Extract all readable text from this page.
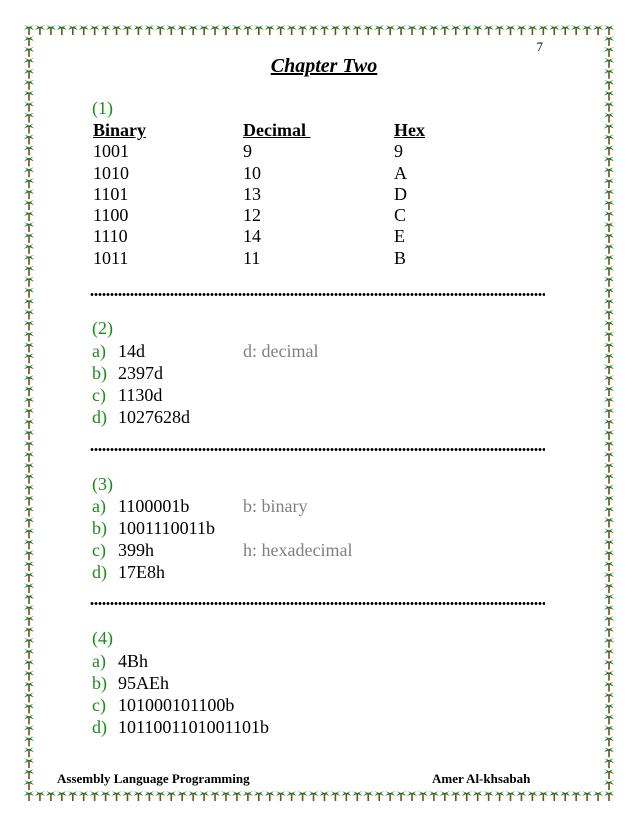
7
Chapter Two
(1)
Binary	Decimal	Hex
1001	9	9
1010	10	A
1101	13	D
1100	12	C
1110	14	E
1011	11	B
(2)
a) 14d
b) 2397d
c) 1130d
d) 1027628d
d: decimal
(3)
a) 1100001b
b) 1001110011b
c) 399h
d) 17E8h
b: binary
h: hexadecimal
(4)
a) 4Bh
b) 95AEh
c) 101000101100b
d) 1011001101001101b
Assembly Language Programming	Amer Al-khsabah
